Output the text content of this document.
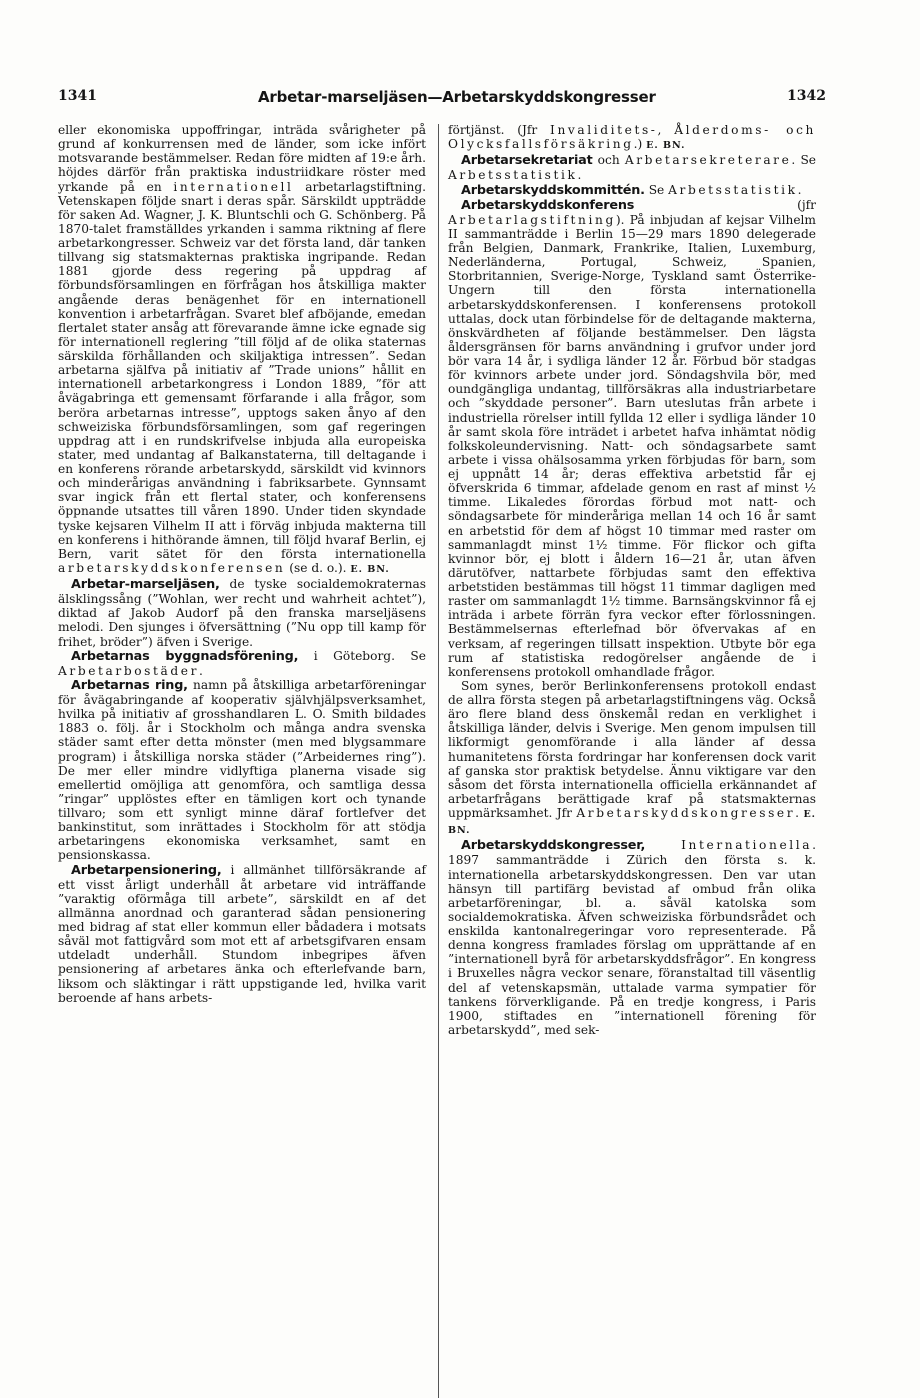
1341	Arbetar-marseljäsen—Arbetarskyddskongresser	1342

eller ekonomiska uppoffringar, inträda svårigheter på grund af konkurrensen med de länder, som icke infört motsvarande bestämmelser. Redan före midten af 19:e årh. höjdes därför från praktiska industriidkare röster med yrkande på en internationell arbetarlagstiftning. Vetenskapen följde snart i deras spår. Särskildt uppträdde för saken Ad. Wagner, J. K. Bluntschli och G. Schönberg. På 1870-talet framställdes yrkanden i samma riktning af flere arbetarkongresser. Schweiz var det första land, där tanken tillvang sig statsmakternas praktiska ingripande. Redan 1881 gjorde dess regering på uppdrag af förbundsförsamlingen en förfrågan hos åtskilliga makter angående deras benägenhet för en internationell konvention i arbetarfrågan. Svaret blef afböjande, emedan flertalet stater ansåg att förevarande ämne icke egnade sig för internationell reglering ”till följd af de olika staternas särskilda förhållanden och skiljaktiga intressen”. Sedan arbetarna själfva på initiativ af ”Trade unions” hållit en internationell arbetarkongress i London 1889, ”för att åvägabringa ett gemensamt förfarande i alla frågor, som beröra arbetarnas intresse”, upptogs saken ånyo af den schweiziska förbundsförsamlingen, som gaf regeringen uppdrag att i en rundskrifvelse inbjuda alla europeiska stater, med undantag af Balkanstaterna, till deltagande i en konferens rörande arbetarskydd, särskildt vid kvinnors och minderårigas användning i fabriksarbete. Gynnsamt svar ingick från ett flertal stater, och konferensens öppnande utsattes till våren 1890. Under tiden skyndade tyske kejsaren Vilhelm II att i förväg inbjuda makterna till en konferens i hithörande ämnen, till följd hvaraf Berlin, ej Bern, varit sätet för den första internationella arbetarskyddskonferensen (se d. o.). E. BN.

Arbetar-marseljäsen, de tyske socialdemokraternas älsklingssång (”Wohlan, wer recht und wahrheit achtet”), diktad af Jakob Audorf på den franska marseljäsens melodi. Den sjunges i öfversättning (”Nu opp till kamp för frihet, bröder”) äfven i Sverige.

Arbetarnas byggnadsförening, i Göteborg. Se Arbetarbostäder.

Arbetarnas ring, namn på åtskilliga arbetarföreningar för åvägabringande af kooperativ självhjälpsverksamhet, hvilka på initiativ af grosshandlaren L. O. Smith bildades 1883 o. följ. år i Stockholm och många andra svenska städer samt efter detta mönster (men med blygsammare program) i åtskilliga norska städer (”Arbeidernes ring”). De mer eller mindre vidlyftiga planerna visade sig emellertid omöjliga att genomföra, och samtliga dessa ”ringar” upplöstes efter en tämligen kort och tynande tillvaro; som ett synligt minne däraf fortlefver det bankinstitut, som inrättades i Stockholm för att stödja arbetaringens ekonomiska verksamhet, samt en pensionskassa.

Arbetarpensionering, i allmänhet tillförsäkrande af ett visst årligt underhåll åt arbetare vid inträffande ”varaktig oförmåga till arbete”, särskildt en af det allmänna anordnad och garanterad sådan pensionering med bidrag af stat eller kommun eller bådadera i motsats såväl mot fattigvård som mot ett af arbetsgifvaren ensam utdeladt underhåll. Stundom inbegripes äfven pensionering af arbetares änka och efterlefvande barn, liksom och släktingar i rätt uppstigande led, hvilka varit beroende af hans arbets-

förtjänst. (Jfr Invaliditets-, Ålderdoms- och Olycksfallsförsäkring.) E. BN.

Arbetarsekretariat och Arbetarsekreterare. Se Arbetsstatistik.

Arbetarskyddskommittén. Se Arbetsstatistik.

Arbetarskyddskonferens (jfr Arbetarlagstiftning). På inbjudan af kejsar Vilhelm II sammanträdde i Berlin 15—29 mars 1890 delegerade från Belgien, Danmark, Frankrike, Italien, Luxemburg, Nederländerna, Portugal, Schweiz, Spanien, Storbritannien, Sverige-Norge, Tyskland samt Österrike-Ungern till den första internationella arbetarskyddskonferensen. I konferensens protokoll uttalas, dock utan förbindelse för de deltagande makterna, önskvärdheten af följande bestämmelser. Den lägsta åldersgränsen för barns användning i grufvor under jord bör vara 14 år, i sydliga länder 12 år. Förbud bör stadgas för kvinnors arbete under jord. Söndagshvila bör, med oundgängliga undantag, tillförsäkras alla industriarbetare och ”skyddade personer”. Barn uteslutas från arbete i industriella rörelser intill fyllda 12 eller i sydliga länder 10 år samt skola före inträdet i arbetet hafva inhämtat nödig folkskoleundervisning. Natt- och söndagsarbete samt arbete i vissa ohälsosamma yrken förbjudas för barn, som ej uppnått 14 år; deras effektiva arbetstid får ej öfverskrida 6 timmar, afdelade genom en rast af minst ½ timme. Likaledes förordas förbud mot natt- och söndagsarbete för minderåriga mellan 14 och 16 år samt en arbetstid för dem af högst 10 timmar med raster om sammanlagdt minst 1½ timme. För flickor och gifta kvinnor bör, ej blott i åldern 16—21 år, utan äfven därutöfver, nattarbete förbjudas samt den effektiva arbetstiden bestämmas till högst 11 timmar dagligen med raster om sammanlagdt 1½ timme. Barnsängskvinnor få ej inträda i arbete förrän fyra veckor efter förlossningen. Bestämmelsernas efterlefnad bör öfvervakas af en verksam, af regeringen tillsatt inspektion. Utbyte bör ega rum af statistiska redogörelser angående de i konferensens protokoll omhandlade frågor.

Som synes, berör Berlinkonferensens protokoll endast de allra första stegen på arbetarlagstiftningens väg. Också äro flere bland dess önskemål redan en verklighet i åtskilliga länder, delvis i Sverige. Men genom impulsen till likformigt genomförande i alla länder af dessa humanitetens första fordringar har konferensen dock varit af ganska stor praktisk betydelse. Ännu viktigare var den såsom det första internationella officiella erkännandet af arbetarfrågans berättigade kraf på statsmakternas uppmärksamhet. Jfr Arbetarskyddskongresser. E. BN.

Arbetarskyddskongresser,	Internationella. 1897 sammanträdde i Zürich den första s. k. internationella arbetarskyddskongressen. Den var utan hänsyn till partifärg bevistad af ombud från olika arbetarföreningar, bl. a. såväl katolska som socialdemokratiska. Äfven schweiziska förbundsrådet och enskilda kantonalregeringar voro representerade. På denna kongress framlades förslag om upprättande af en ”internationell byrå för arbetarskyddsfrågor”. En kongress i Bruxelles några veckor senare, föranstaltad till väsentlig del af vetenskapsmän, uttalade varma sympatier för tankens förverkligande. På en tredje kongress, i Paris 1900, stiftades en ”internationell förening för arbetarskydd”, med sek-
